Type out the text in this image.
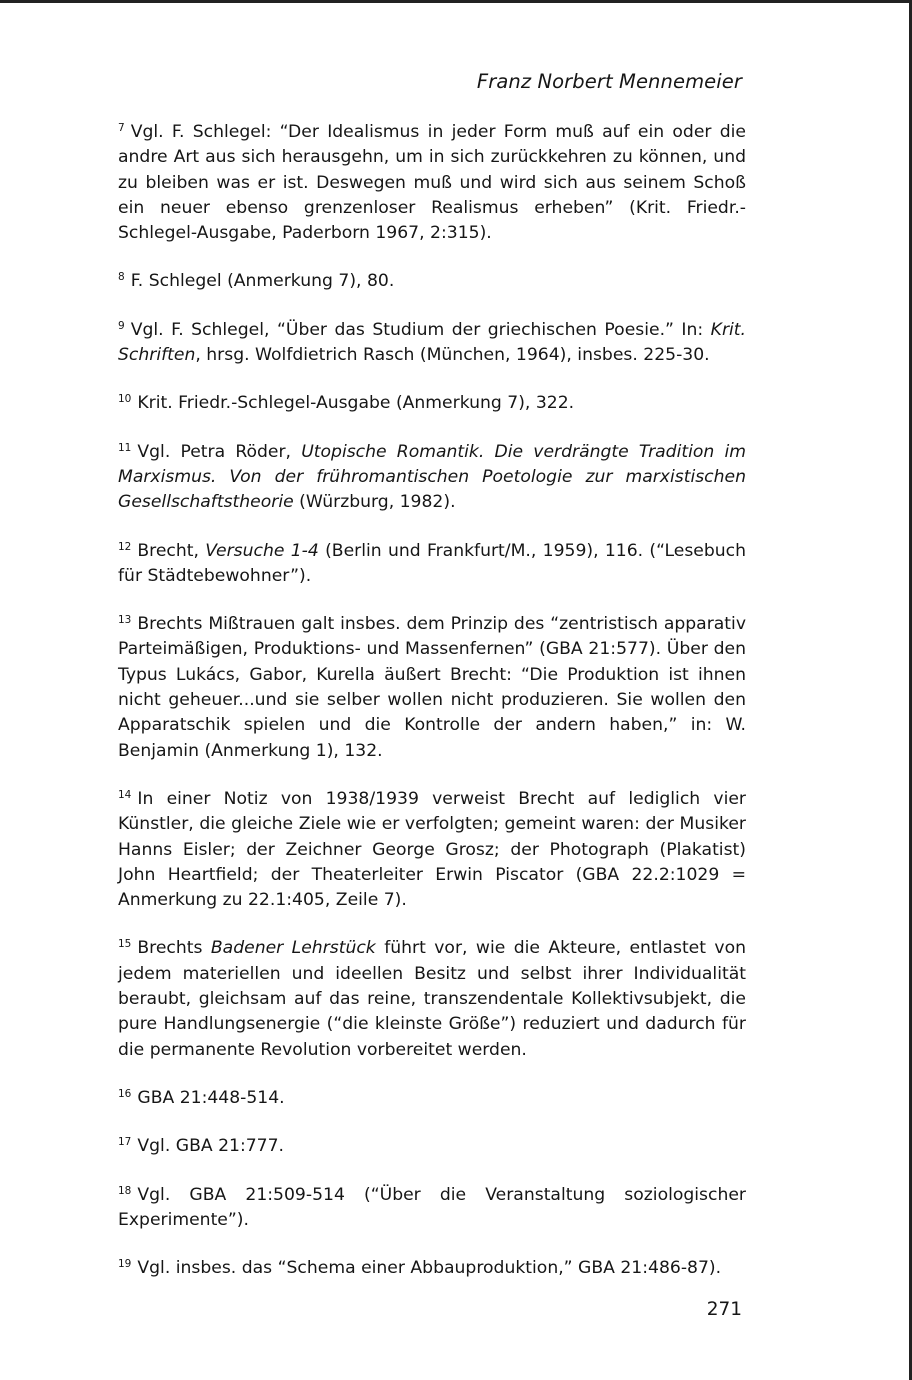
Franz Norbert Mennemeier

$^7$ Vgl. F. Schlegel: “Der Idealismus in jeder Form muß auf ein oder die andre Art aus sich herausgehn, um in sich zurückkehren zu können, und zu bleiben was er ist. Deswegen muß und wird sich aus seinem Schoß ein neuer ebenso grenzenloser Realismus erheben” (Krit. Friedr.-Schlegel-Ausgabe, Paderborn 1967, 2:315).

$^8$ F. Schlegel (Anmerkung 7), 80.

$^9$ Vgl. F. Schlegel, “Über das Studium der griechischen Poesie.” In: Krit. Schriften, hrsg. Wolfdietrich Rasch (München, 1964), insbes. 225-30.

$^{10}$ Krit. Friedr.-Schlegel-Ausgabe (Anmerkung 7), 322.

$^{11}$ Vgl. Petra Röder, Utopische Romantik. Die verdrängte Tradition im Marxismus. Von der frühromantischen Poetologie zur marxistischen Gesellschaftstheorie (Würzburg, 1982).

$^{12}$ Brecht, Versuche 1-4 (Berlin und Frankfurt/M., 1959), 116. (“Lesebuch für Städtebewohner”).

$^{13}$ Brechts Mißtrauen galt insbes. dem Prinzip des “zentristisch apparativ Parteimäßigen, Produktions- und Massenfernen” (GBA 21:577). Über den Typus Lukács, Gabor, Kurella äußert Brecht: “Die Produktion ist ihnen nicht geheuer...und sie selber wollen nicht produzieren. Sie wollen den Apparatschik spielen und die Kontrolle der andern haben,” in: W. Benjamin (Anmerkung 1), 132.

$^{14}$ In einer Notiz von 1938/1939 verweist Brecht auf lediglich vier Künstler, die gleiche Ziele wie er verfolgten; gemeint waren: der Musiker Hanns Eisler; der Zeichner George Grosz; der Photograph (Plakatist) John Heartfield; der Theaterleiter Erwin Piscator (GBA 22.2:1029 = Anmerkung zu 22.1:405, Zeile 7).

$^{15}$ Brechts Badener Lehrstück führt vor, wie die Akteure, entlastet von jedem materiellen und ideellen Besitz und selbst ihrer Individualität beraubt, gleichsam auf das reine, transzendentale Kollektivsubjekt, die pure Handlungsenergie (“die kleinste Größe”) reduziert und dadurch für die permanente Revolution vorbereitet werden.

$^{16}$ GBA 21:448-514.

$^{17}$ Vgl. GBA 21:777.

$^{18}$ Vgl. GBA 21:509-514 (“Über die Veranstaltung soziologischer Experimente”).

$^{19}$ Vgl. insbes. das “Schema einer Abbauproduktion,” GBA 21:486-87).

271
